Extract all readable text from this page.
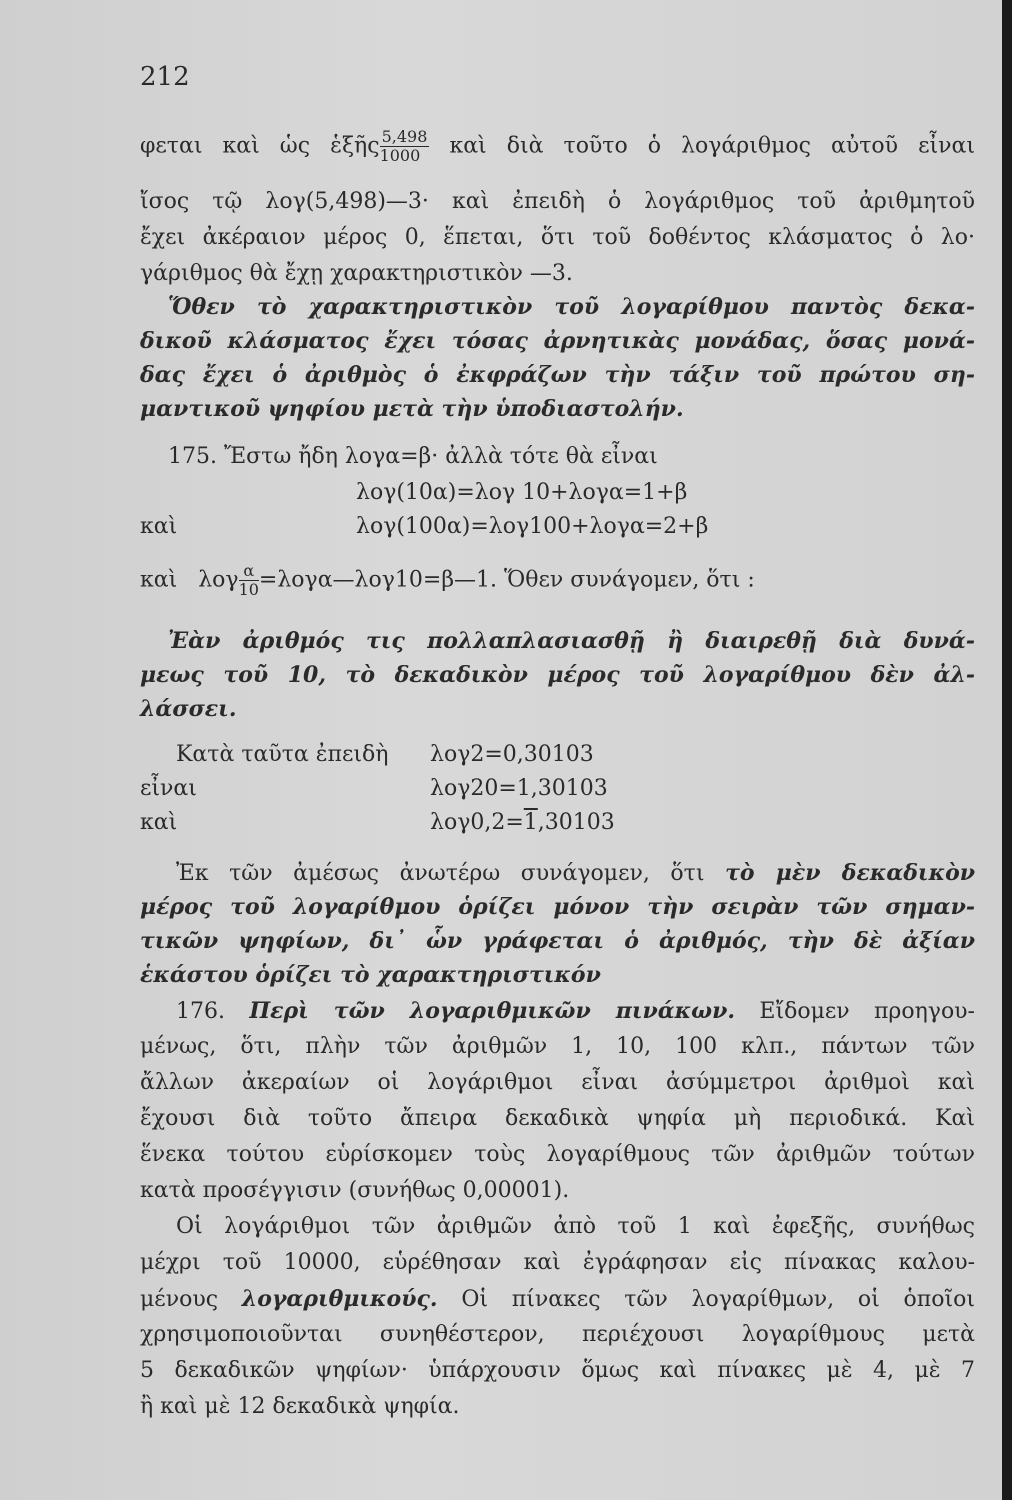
212
φεται καὶ ὡς ἑξῆς $\frac{5,498}{1000}$ καὶ διὰ τοῦτο ὁ λογάριθμος αὐτοῦ εἶναι
ἴσος τῷ λογ(5,498)—3· καὶ ἐπειδὴ ὁ λογάριθμος τοῦ ἀριθμητοῦ
ἔχει ἀκέραιον μέρος 0, ἕπεται, ὅτι τοῦ δοθέντος κλάσματος ὁ λο·
γάριθμος θὰ ἔχῃ χαρακτηριστικὸν —3.
Ὅθεν τὸ χαρακτηριστικὸν τοῦ λογαρίθμου παντὸς δεκα-
δικοῦ κλάσματος ἔχει τόσας ἀρνητικὰς μονάδας, ὅσας μονά-
δας ἔχει ὁ ἀριθμὸς ὁ ἐκφράζων τὴν τάξιν τοῦ πρώτου ση-
μαντικοῦ ψηφίου μετὰ τὴν ὑποδιαστολήν.
175. Ἔστω ἤδη λογα=β· ἀλλὰ τότε θὰ εἶναι
λογ(10α)=λογ 10+λογα=1+β
καὶ	λογ(100α)=λογ100+λογα=2+β
καὶ λογ $\frac{\alpha}{10}$ =λογα—λογ10=β—1. Ὅθεν συνάγομεν, ὅτι :
Ἐὰν ἀριθμός τις πολλαπλασιασθῇ ἢ διαιρεθῇ διὰ δυνά-
μεως τοῦ 10, τὸ δεκαδικὸν μέρος τοῦ λογαρίθμου δὲν ἀλ-
λάσσει.
Κατὰ ταῦτα ἐπειδὴ	λογ2=0,30103
εἶναι	λογ20=1,30103
καὶ	λογ0,2=1,30103
Ἐκ τῶν ἀμέσως ἀνωτέρω συνάγομεν, ὅτι τὸ μὲν δεκαδικὸν
μέρος τοῦ λογαρίθμου ὁρίζει μόνον τὴν σειρὰν τῶν σημαν-
τικῶν ψηφίων, δι᾽ ὧν γράφεται ὁ ἀριθμός, τὴν δὲ ἀξίαν
ἑκάστου ὁρίζει τὸ χαρακτηριστικόν
176. Περὶ τῶν λογαριθμικῶν πινάκων. Εἴδομεν προηγου-
μένως, ὅτι, πλὴν τῶν ἀριθμῶν 1, 10, 100 κλπ., πάντων τῶν
ἄλλων ἀκεραίων οἱ λογάριθμοι εἶναι ἀσύμμετροι ἀριθμοὶ καὶ
ἔχουσι διὰ τοῦτο ἄπειρα δεκαδικὰ ψηφία μὴ περιοδικά. Καὶ
ἕνεκα τούτου εὑρίσκομεν τοὺς λογαρίθμους τῶν ἀριθμῶν τούτων
κατὰ προσέγγισιν (συνήθως 0,00001).
Οἱ λογάριθμοι τῶν ἀριθμῶν ἀπὸ τοῦ 1 καὶ ἐφεξῆς, συνήθως
μέχρι τοῦ 10000, εὑρέθησαν καὶ ἐγράφησαν εἰς πίνακας καλου-
μένους λογαριθμικούς. Οἱ πίνακες τῶν λογαρίθμων, οἱ ὁποῖοι
χρησιμοποιοῦνται συνηθέστερον, περιέχουσι λογαρίθμους μετὰ
5 δεκαδικῶν ψηφίων· ὑπάρχουσιν ὅμως καὶ πίνακες μὲ 4, μὲ 7
ἢ καὶ μὲ 12 δεκαδικὰ ψηφία.
